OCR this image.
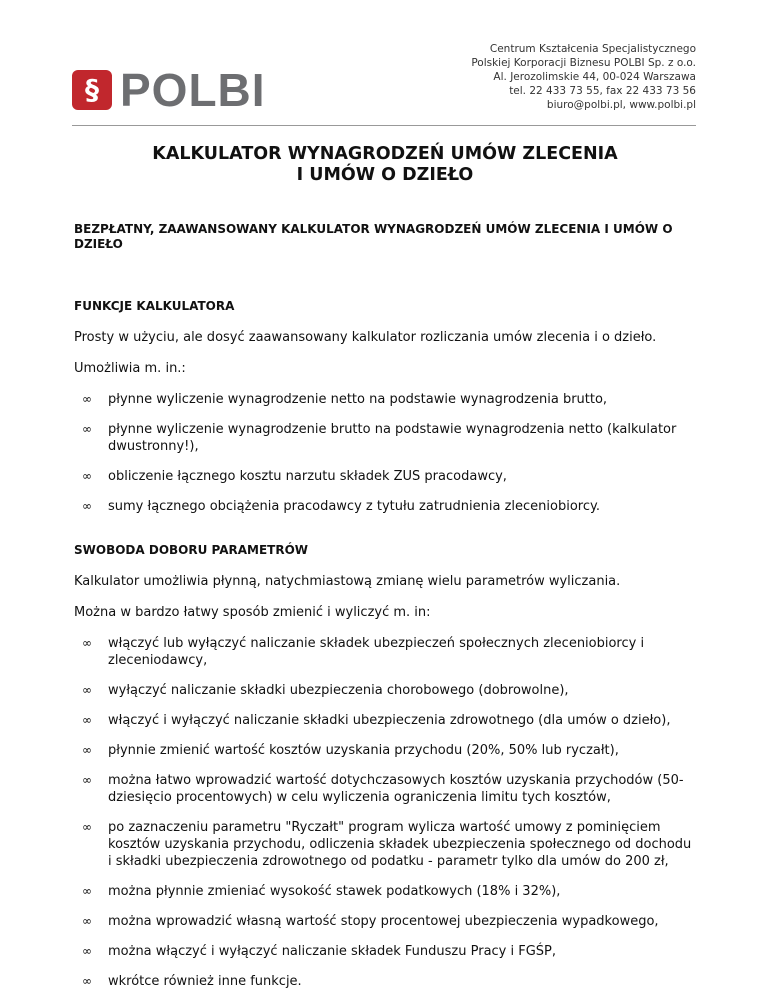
§ POLBI
Centrum Kształcenia Specjalistycznego
Polskiej Korporacji Biznesu POLBI Sp. z o.o.
Al. Jerozolimskie 44, 00-024 Warszawa
tel. 22 433 73 55, fax 22 433 73 56
biuro@polbi.pl, www.polbi.pl
KALKULATOR WYNAGRODZEŃ UMÓW ZLECENIA
I UMÓW O DZIEŁO
BEZPŁATNY, ZAAWANSOWANY KALKULATOR WYNAGRODZEŃ UMÓW ZLECENIA I UMÓW O DZIEŁO
FUNKCJE KALKULATORA

Prosty w użyciu, ale dosyć zaawansowany kalkulator rozliczania umów zlecenia i o dzieło.

Umożliwia m. in.:

∞ płynne wyliczenie wynagrodzenie netto na podstawie wynagrodzenia brutto,
∞ płynne wyliczenie wynagrodzenie brutto na podstawie wynagrodzenia netto (kalkulator dwustronny!),
∞ obliczenie łącznego kosztu narzutu składek ZUS pracodawcy,
∞ sumy łącznego obciążenia pracodawcy z tytułu zatrudnienia zleceniobiorcy.
SWOBODA DOBORU PARAMETRÓW

Kalkulator umożliwia płynną, natychmiastową zmianę wielu parametrów wyliczania.

Można w bardzo łatwy sposób zmienić i wyliczyć m. in:

∞ włączyć lub wyłączyć naliczanie składek ubezpieczeń społecznych zleceniobiorcy i zleceniodawcy,
∞ wyłączyć naliczanie składki ubezpieczenia chorobowego (dobrowolne),
∞ włączyć i wyłączyć naliczanie składki ubezpieczenia zdrowotnego (dla umów o dzieło),
∞ płynnie zmienić wartość kosztów uzyskania przychodu (20%, 50% lub ryczałt),
∞ można łatwo wprowadzić wartość dotychczasowych kosztów uzyskania przychodów (50-dziesięcio procentowych) w celu wyliczenia ograniczenia limitu tych kosztów,
∞ po zaznaczeniu parametru "Ryczałt" program wylicza wartość umowy z pominięciem kosztów uzyskania przychodu, odliczenia składek ubezpieczenia społecznego od dochodu i składki ubezpieczenia zdrowotnego od podatku - parametr tylko dla umów do 200 zł,
∞ można płynnie zmieniać wysokość stawek podatkowych (18% i 32%),
∞ można wprowadzić własną wartość stopy procentowej ubezpieczenia wypadkowego,
∞ można włączyć i wyłączyć naliczanie składek Funduszu Pracy i FGŚP,
∞ wkrótce również inne funkcje.
